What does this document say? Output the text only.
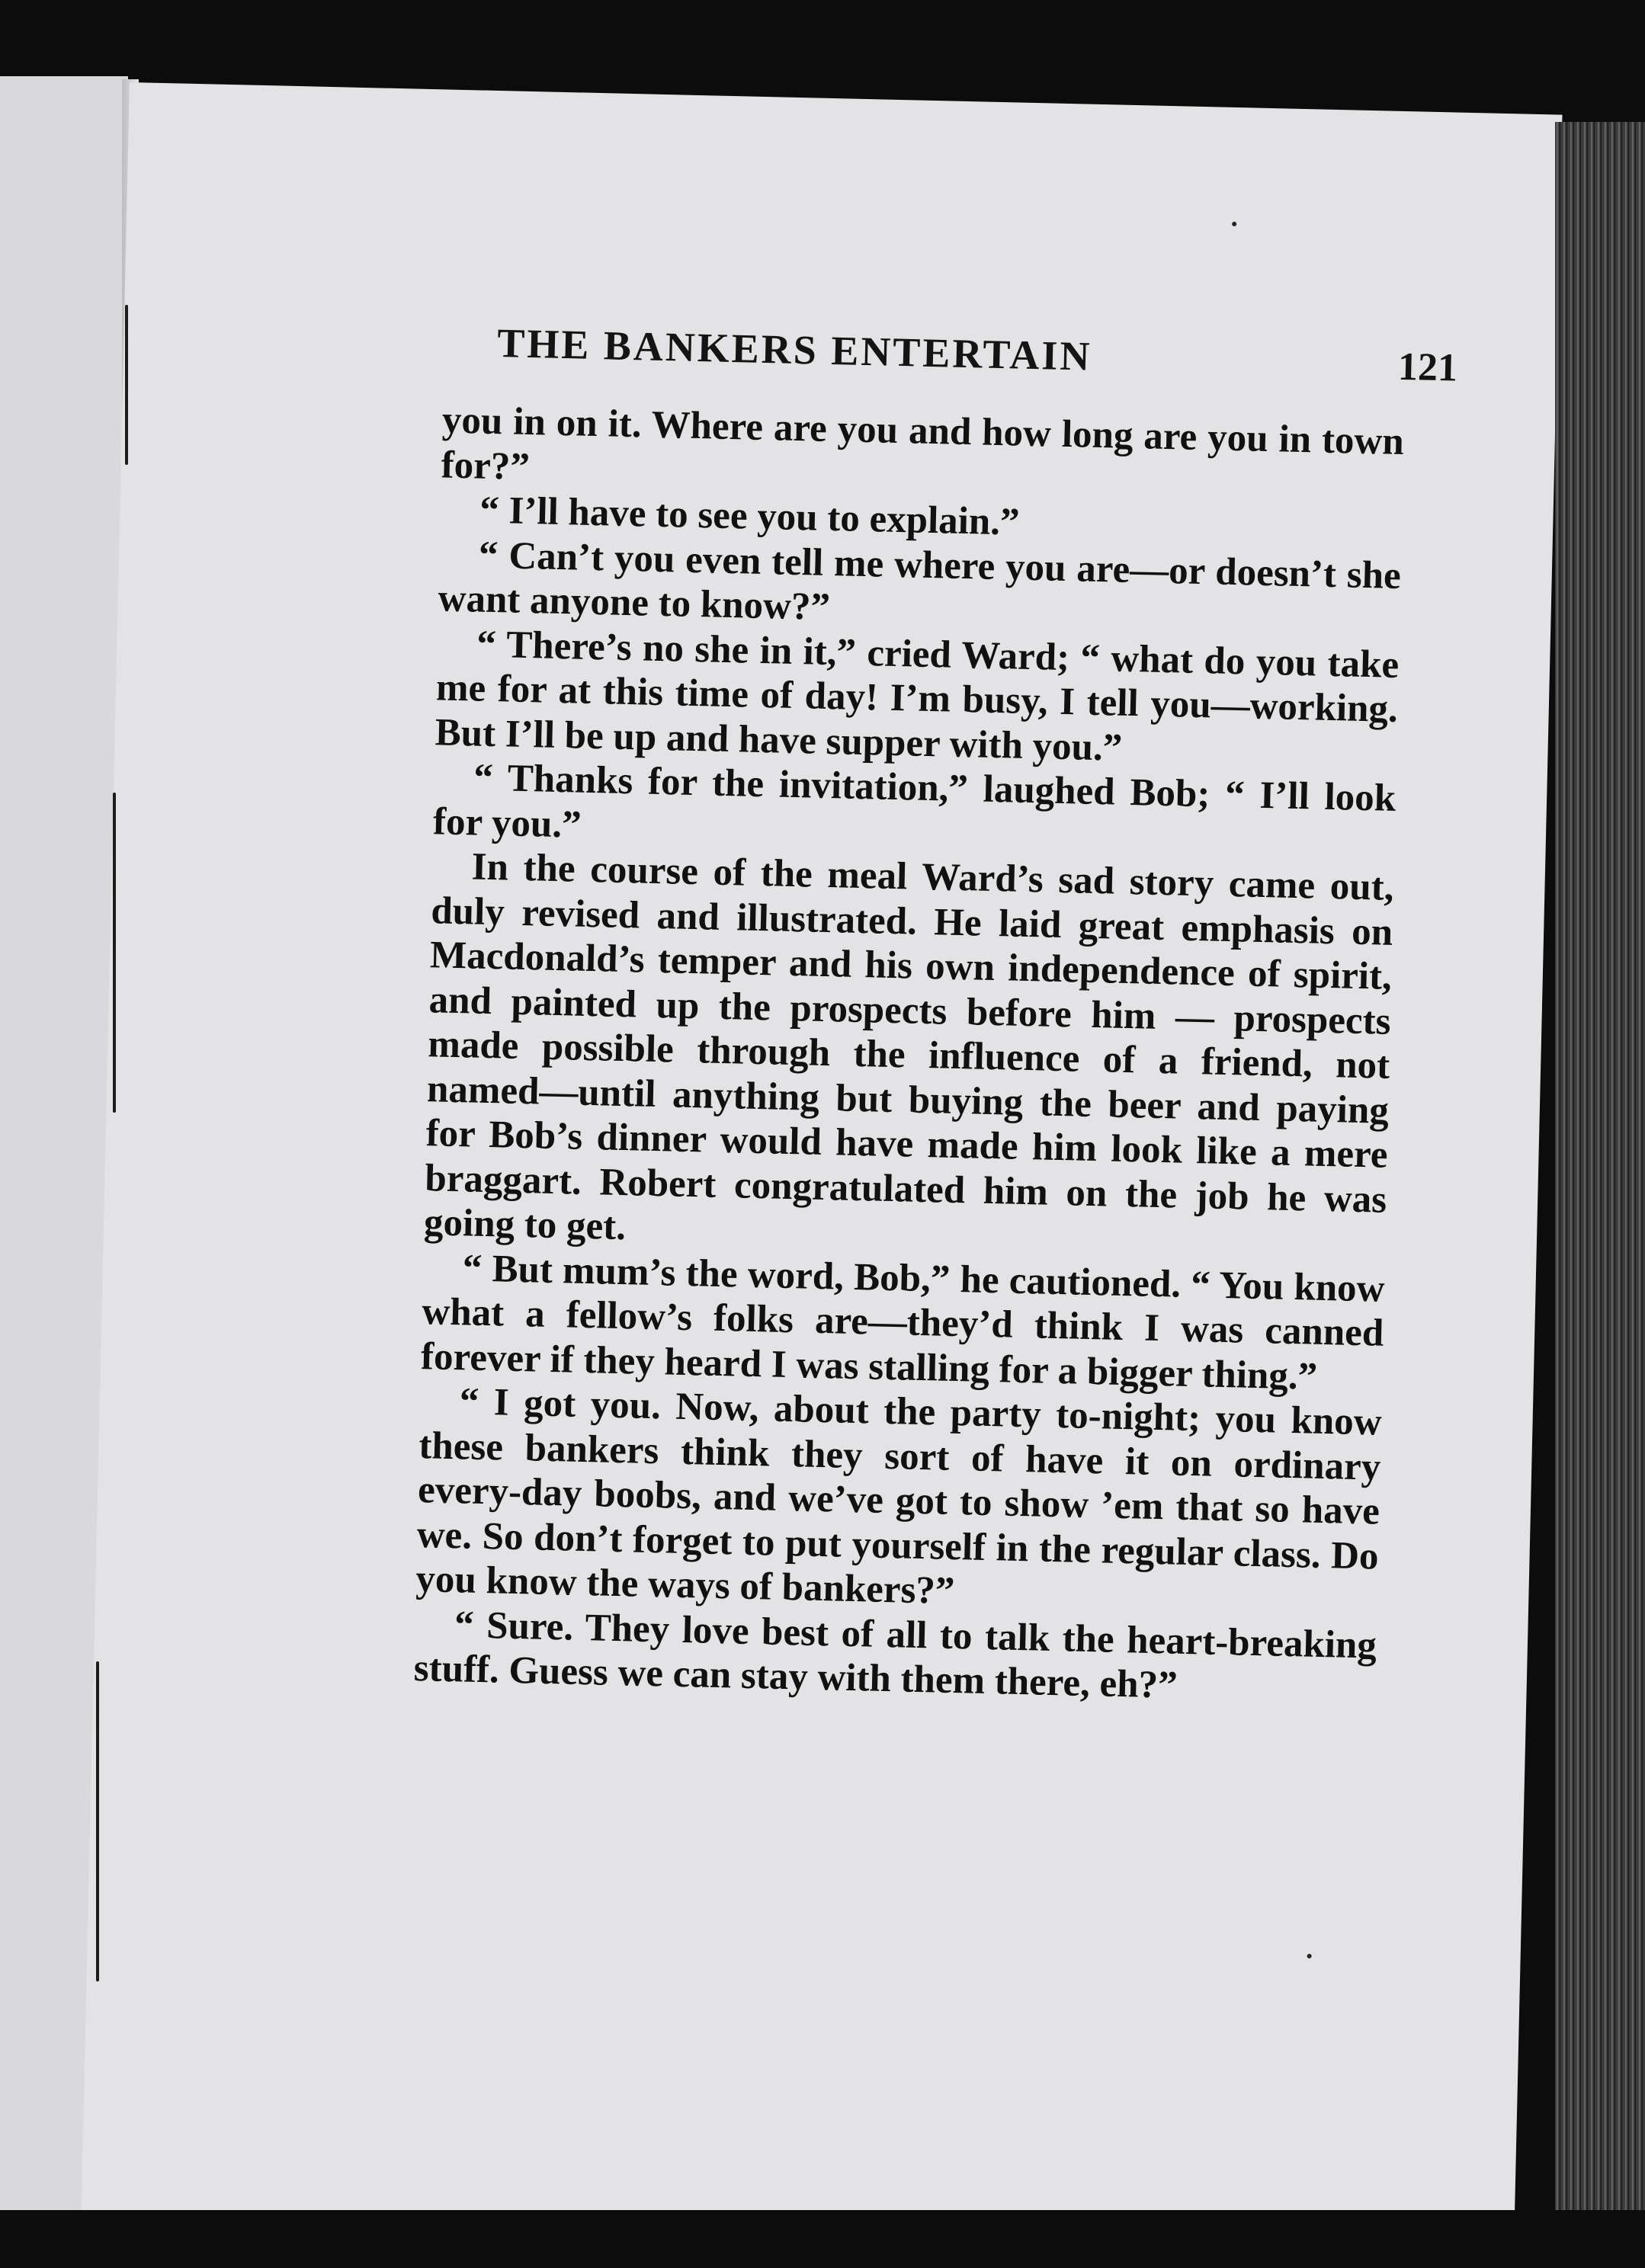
THE BANKERS ENTERTAIN	121

you in on it. Where are you and how long are you in town for?”

“ I’ll have to see you to explain.”

“ Can’t you even tell me where you are—or doesn’t she want anyone to know?”

“ There’s no she in it,” cried Ward; “ what do you take me for at this time of day! I’m busy, I tell you—working. But I’ll be up and have supper with you.”

“ Thanks for the invitation,” laughed Bob; “ I’ll look for you.”

In the course of the meal Ward’s sad story came out, duly revised and illustrated. He laid great emphasis on Macdonald’s temper and his own independence of spirit, and painted up the prospects before him — prospects made possible through the influence of a friend, not named—until anything but buying the beer and paying for Bob’s dinner would have made him look like a mere braggart. Robert congratulated him on the job he was going to get.

“ But mum’s the word, Bob,” he cautioned. “ You know what a fellow’s folks are—they’d think I was canned forever if they heard I was stalling for a bigger thing.”

“ I got you. Now, about the party to-night; you know these bankers think they sort of have it on ordinary every-day boobs, and we’ve got to show ’em that so have we. So don’t forget to put yourself in the regular class. Do you know the ways of bankers?”

“ Sure. They love best of all to talk the heart-breaking stuff. Guess we can stay with them there, eh?”
